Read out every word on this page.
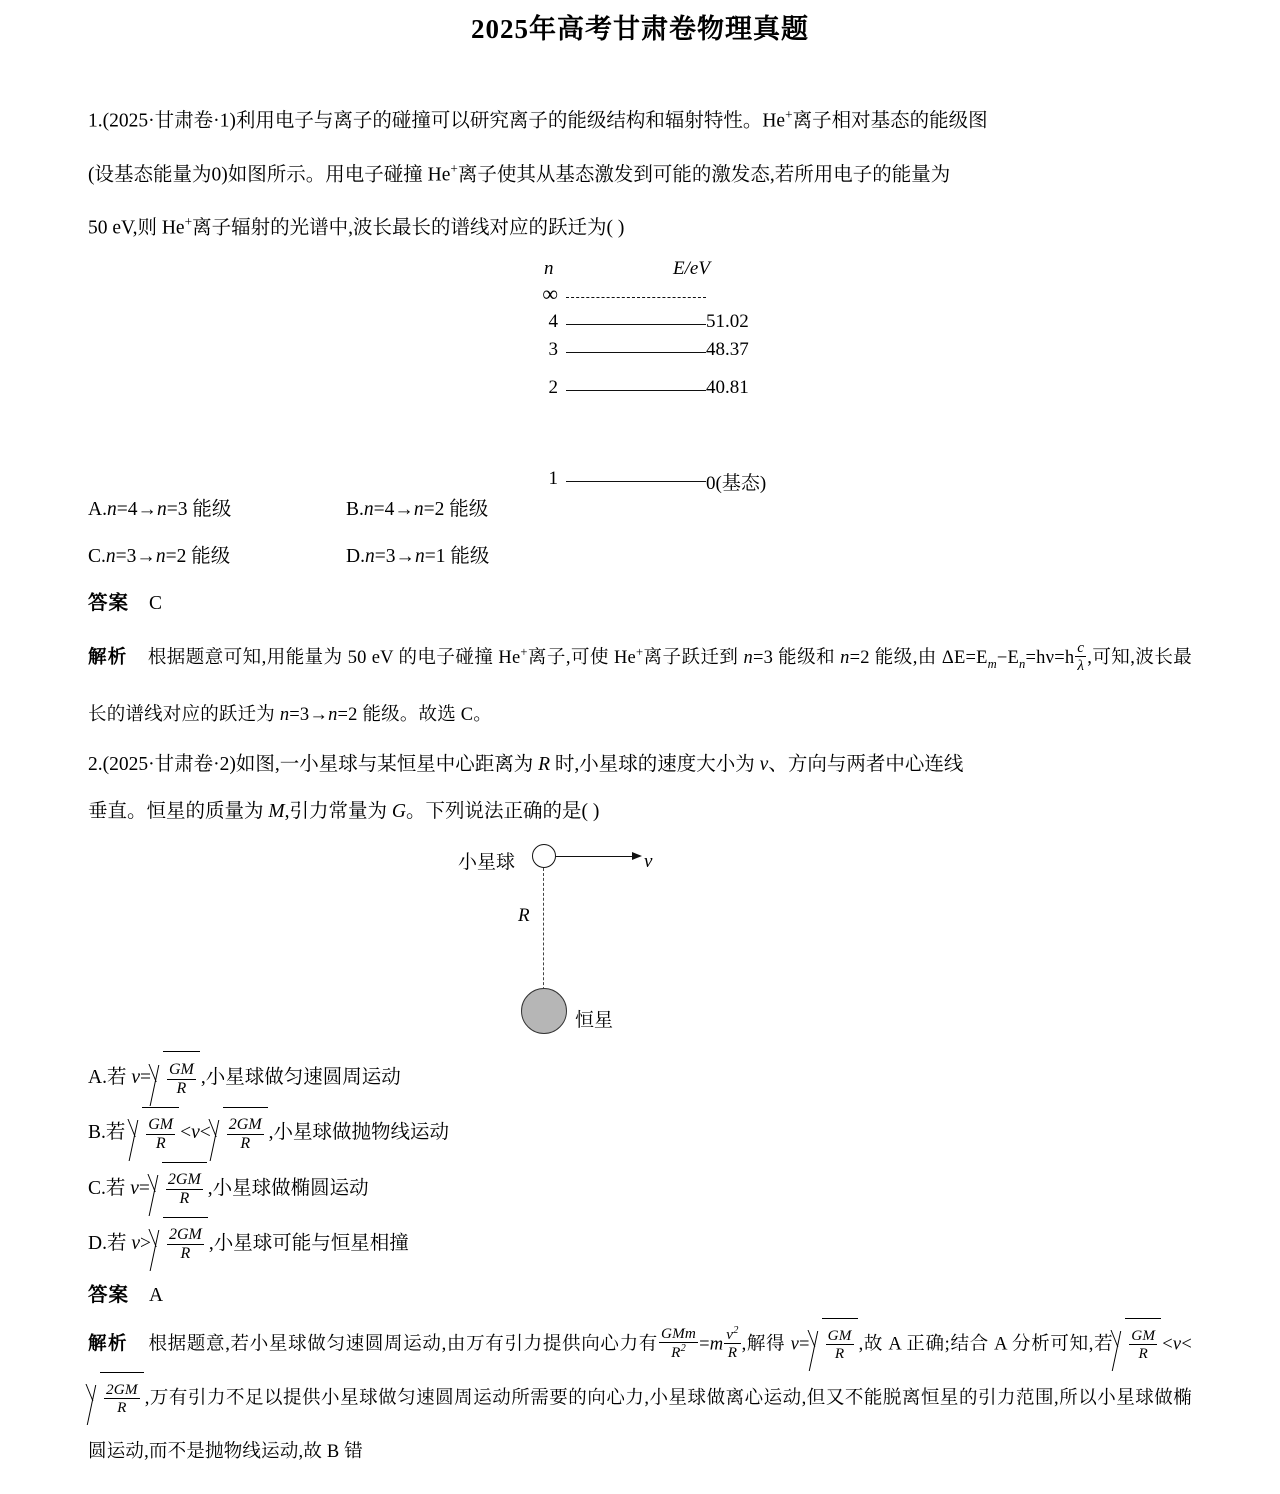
2025年高考甘肃卷物理真题
1.(2025·甘肃卷·1)利用电子与离子的碰撞可以研究离子的能级结构和辐射特性。He+离子相对基态的能级图
(设基态能量为0)如图所示。用电子碰撞 He+离子使其从基态激发到可能的激发态,若所用电子的能量为
50 eV,则 He+离子辐射的光谱中,波长最长的谱线对应的跃迁为( )
n	E/eV
∞
4	51.02
3	48.37
2	40.81
1	0(基态)
A.n=4→n=3 能级	B.n=4→n=2 能级
C.n=3→n=2 能级	D.n=3→n=1 能级
答案 C
解析 根据题意可知,用能量为 50 eV 的电子碰撞 He+离子,可使 He+离子跃迁到 n=3 能级和 n=2 能级,由 $\Delta E=E_m-E_n=h\nu=h \frac{c}{\lambda}$ ,可知,波长最长的谱线对应的跃迁为 n=3→n=2 能级。故选 C。
2.(2025·甘肃卷·2)如图,一小星球与某恒星中心距离为 R 时,小星球的速度大小为 v、方向与两者中心连线
垂直。恒星的质量为 M,引力常量为 G。下列说法正确的是( )
小星球	v
R
恒星
A.若 $v= \frac{GM}{R}$ ,小星球做匀速圆周运动
B.若 $\frac{GM}{R} <v< \frac{2GM}{R}$ ,小星球做抛物线运动
C.若 $v= \frac{2GM}{R}$ ,小星球做椭圆运动
D.若 $v> \frac{2GM}{R}$ ,小星球可能与恒星相撞
答案 A
解析 根据题意,若小星球做匀速圆周运动,由万有引力提供向心力有 $\frac{\text{GMm}}{R^2} =m \frac{v^2}{R}$ ,解得 $v= \frac{GM}{R}$ ,故 A 正确;结合 A 分析可知,若 $\frac{GM}{R} <v<$
$\frac{2GM}{R}$ ,万有引力不足以提供小星球做匀速圆周运动所需要的向心力,小星球做离心运动,但又不能脱离恒星的引力范围,所以小星球做椭圆运动,而不是抛物线运动,故 B 错
